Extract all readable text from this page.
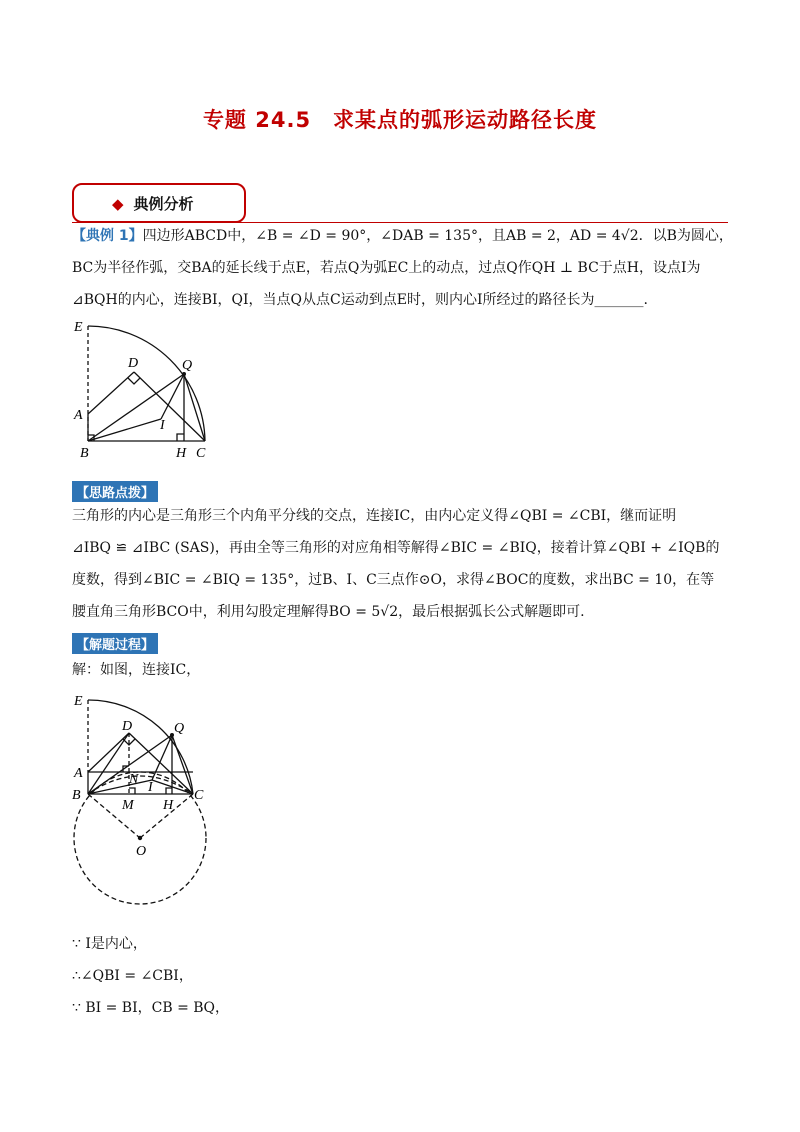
专题 24.5　求某点的弧形运动路径长度
◆ 典例分析
【典例 1】四边形ABCD中，∠B = ∠D = 90°，∠DAB = 135°，且AB = 2，AD = 4√2．以B为圆心，
BC为半径作弧，交BA的延长线于点E，若点Q为弧EC上的动点，过点Q作QH ⊥ BC于点H，设点I为
⊿BQH的内心，连接BI，QI，当点Q从点C运动到点E时，则内心I所经过的路径长为_______.
E
D	Q
A
I
B	H C
【思路点拨】
三角形的内心是三角形三个内角平分线的交点，连接IC，由内心定义得∠QBI = ∠CBI，继而证明
⊿IBQ ≌ ⊿IBC (SAS)，再由全等三角形的对应角相等解得∠BIC = ∠BIQ，接着计算∠QBI + ∠IQB的
度数，得到∠BIC = ∠BIQ = 135°，过B、I、C三点作⊙O，求得∠BOC的度数，求出BC = 10，在等
腰直角三角形BCO中，利用勾股定理解得BO = 5√2，最后根据弧长公式解题即可.
【解题过程】
解：如图，连接IC，
E
D	Q
A	N
I
B
M H
C
O
∵ I是内心，
∴∠QBI = ∠CBI，
∵ BI = BI，CB = BQ，
